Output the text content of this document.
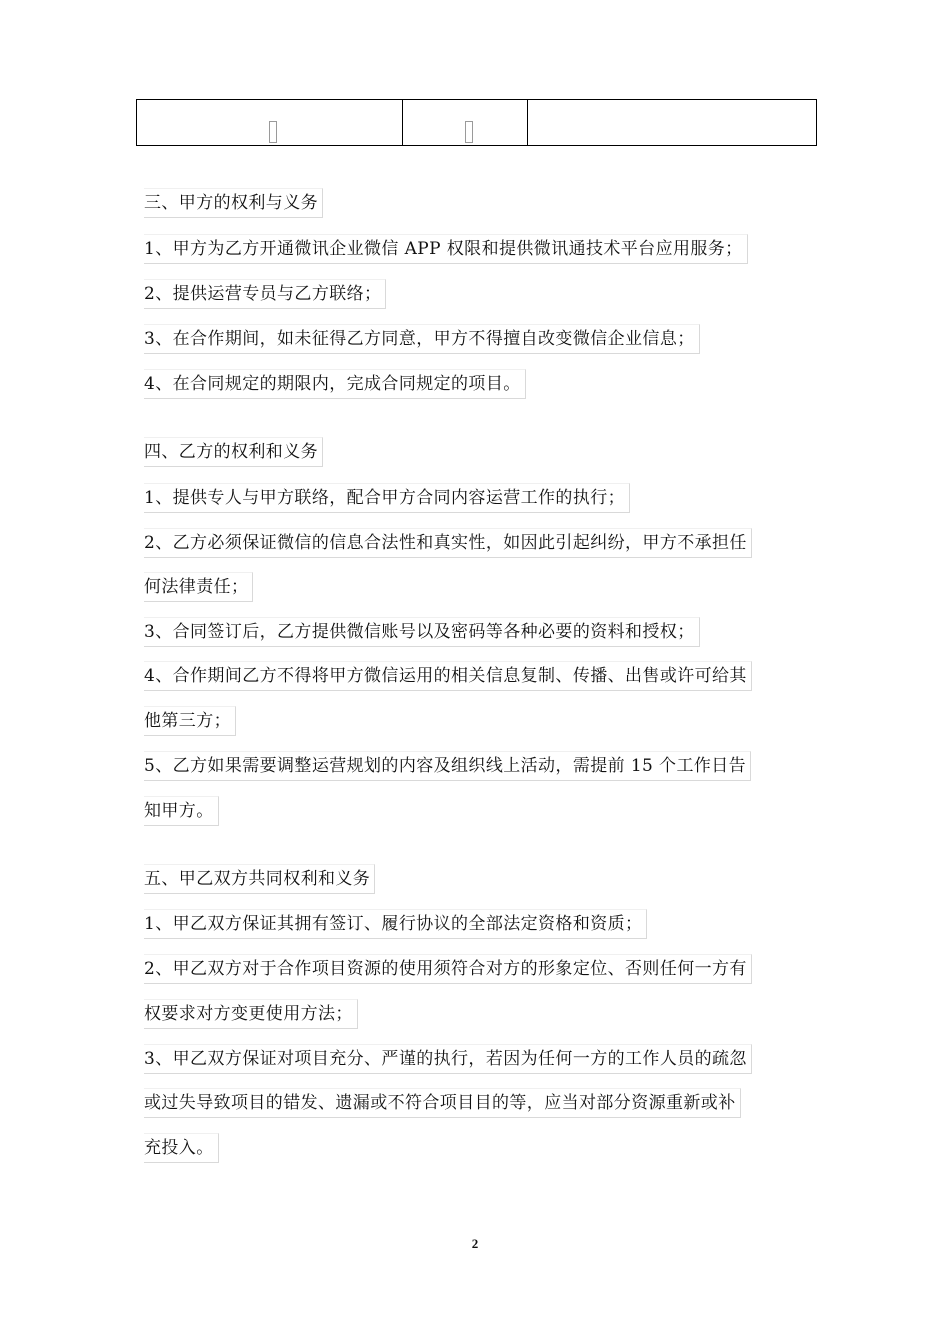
三、甲方的权利与义务
1、甲方为乙方开通微讯企业微信 APP 权限和提供微讯通技术平台应用服务；
2、提供运营专员与乙方联络；
3、在合作期间，如未征得乙方同意，甲方不得擅自改变微信企业信息；
4、在合同规定的期限内，完成合同规定的项目。
四、乙方的权利和义务
1、提供专人与甲方联络，配合甲方合同内容运营工作的执行；
2、乙方必须保证微信的信息合法性和真实性，如因此引起纠纷，甲方不承担任
何法律责任；
3、合同签订后，乙方提供微信账号以及密码等各种必要的资料和授权；
4、合作期间乙方不得将甲方微信运用的相关信息复制、传播、出售或许可给其
他第三方；
5、乙方如果需要调整运营规划的内容及组织线上活动，需提前 15 个工作日告
知甲方。
五、甲乙双方共同权利和义务
1、甲乙双方保证其拥有签订、履行协议的全部法定资格和资质；
2、甲乙双方对于合作项目资源的使用须符合对方的形象定位、否则任何一方有
权要求对方变更使用方法；
3、甲乙双方保证对项目充分、严谨的执行，若因为任何一方的工作人员的疏忽
或过失导致项目的错发、遗漏或不符合项目目的等，应当对部分资源重新或补
充投入。
2
